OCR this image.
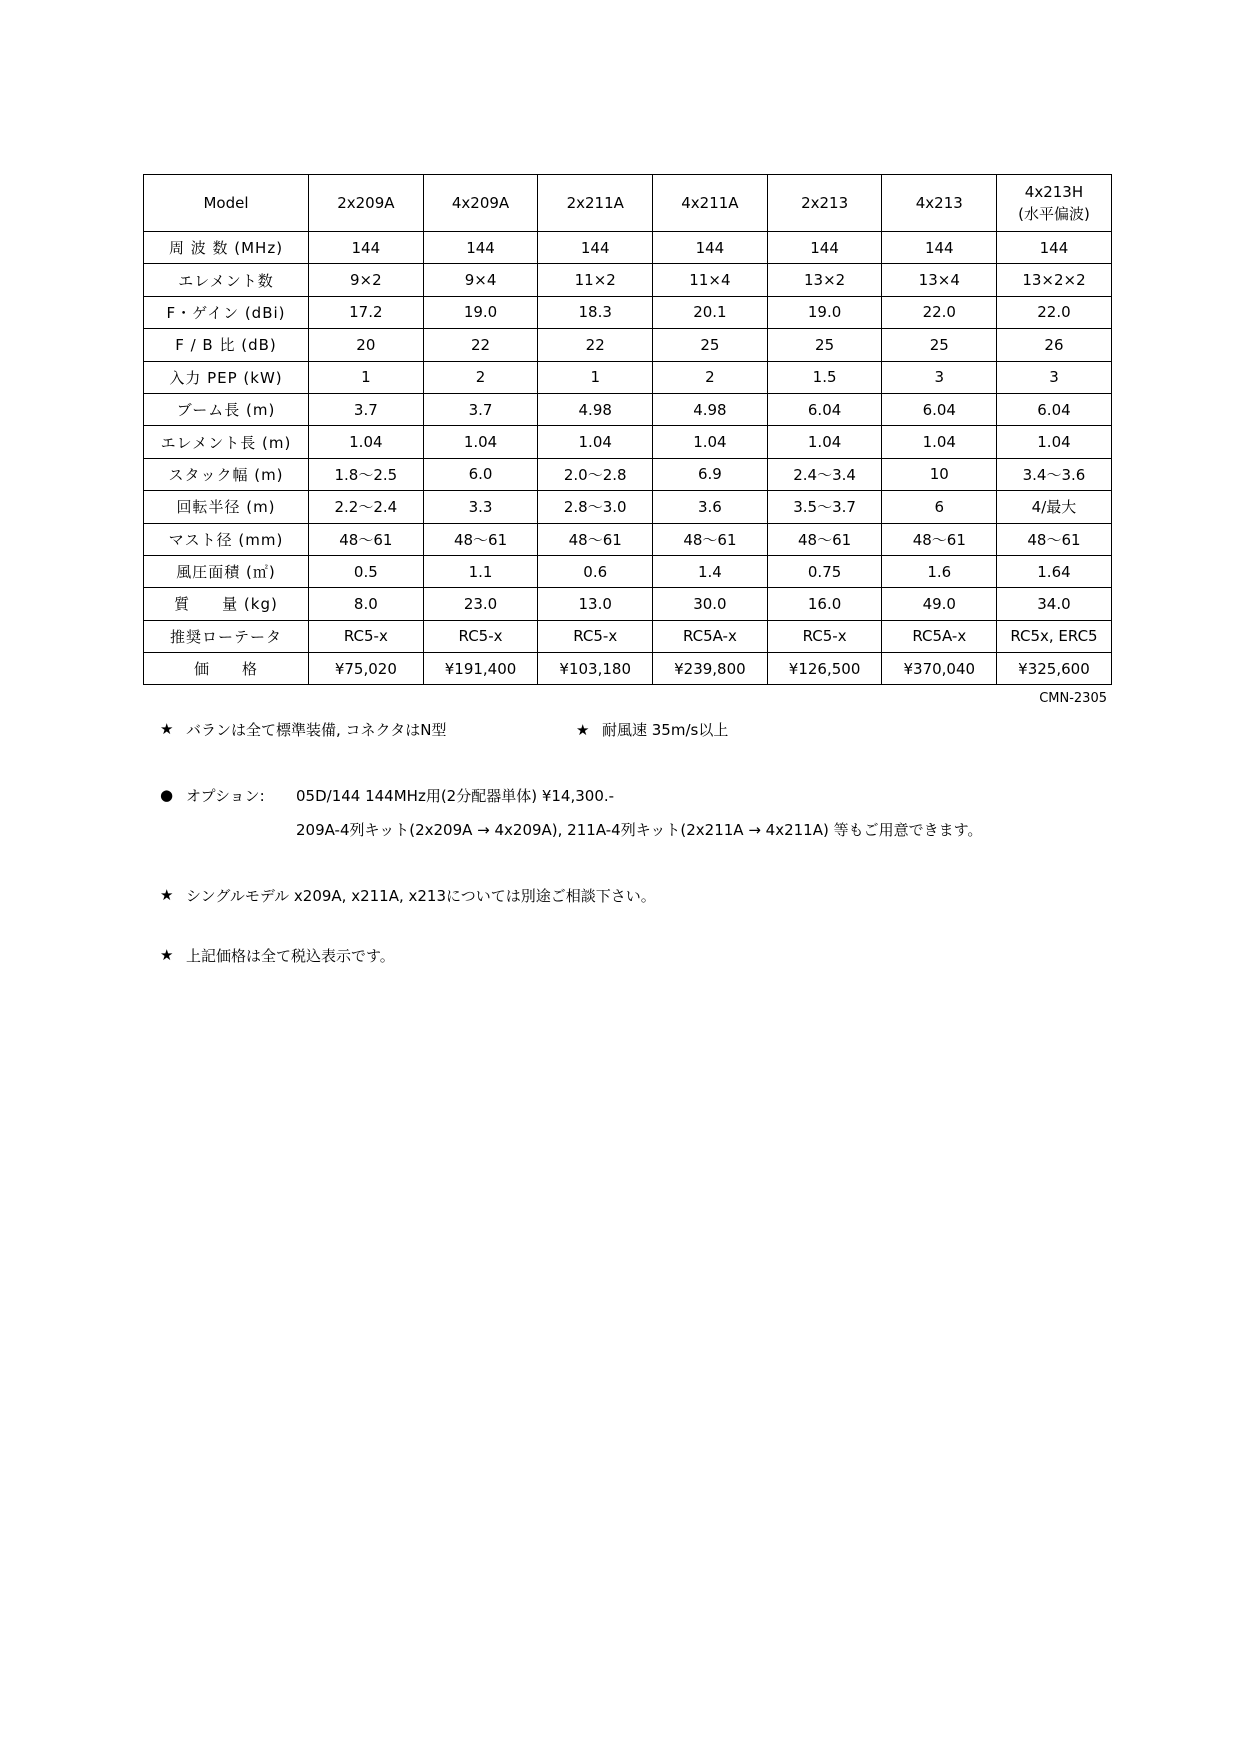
Model	2x209A	4x209A	2x211A	4x211A	2x213	4x213	4x213H
(水平偏波)

周 波 数 (MHz)	144	144	144	144	144	144	144
エレメント数	9×2	9×4	11×2	11×4	13×2	13×4	13×2×2
F・ゲイン (dBi)	17.2	19.0	18.3	20.1	19.0	22.0	22.0
F / B 比 (dB)	20	22	22	25	25	25	26
入力 PEP (kW)	1	2	1	2	1.5	3	3
ブーム長 (m)	3.7	3.7	4.98	4.98	6.04	6.04	6.04
エレメント長 (m)	1.04	1.04	1.04	1.04	1.04	1.04	1.04
スタック幅 (m)	1.8〜2.5	6.0	2.0〜2.8	6.9	2.4〜3.4	10	3.4〜3.6
回転半径 (m)	2.2〜2.4	3.3	2.8〜3.0	3.6	3.5〜3.7	6	4/最大
マスト径 (mm)	48〜61	48〜61	48〜61	48〜61	48〜61	48〜61	48〜61
風圧面積 (㎡)	0.5	1.1	0.6	1.4	0.75	1.6	1.64
質　　量 (kg)	8.0	23.0	13.0	30.0	16.0	49.0	34.0
推奨ローテータ	RC5-x	RC5-x	RC5-x	RC5A-x	RC5-x	RC5A-x	RC5x, ERC5
価　　格	¥75,020	¥191,400	¥103,180	¥239,800	¥126,500	¥370,040	¥325,600
CMN-2305
★ バランは全て標準装備, コネクタはN型	★ 耐風速 35m/s以上
● オプション:	05D/144 144MHz用(2分配器単体) ¥14,300.-
209A-4列キット(2x209A → 4x209A), 211A-4列キット(2x211A → 4x211A) 等もご用意できます。
★ シングルモデル x209A, x211A, x213については別途ご相談下さい。
★ 上記価格は全て税込表示です。
